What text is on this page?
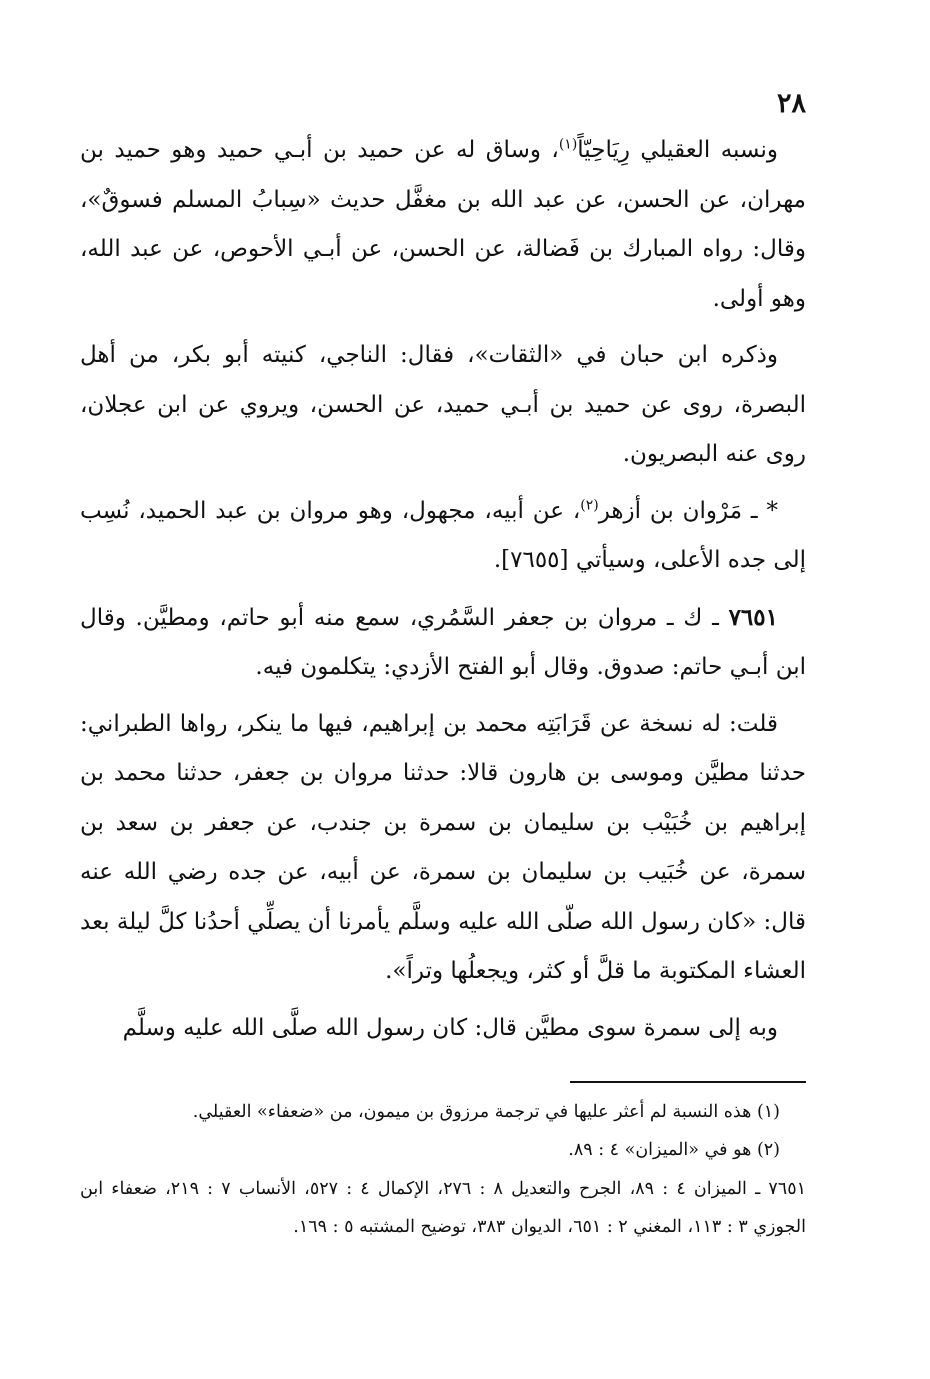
٢٨

ونسبه العقيلي رِيَاحِيّاً$^{(١)}$، وساق له عن حميد بن أبـي حميد وهو حميد بن مهران، عن الحسن، عن عبد الله بن مغفَّل حديث «سِبابُ المسلم فسوقٌ»، وقال: رواه المبارك بن فَضالة، عن الحسن، عن أبـي الأحوص، عن عبد الله، وهو أولى.

وذكره ابن حبان في «الثقات»، فقال: الناجي، كنيته أبو بكر، من أهل البصرة، روى عن حميد بن أبـي حميد، عن الحسن، ويروي عن ابن عجلان، روى عنه البصريون.

* ـ مَرْوان بن أزهر$^{(٢)}$، عن أبيه، مجهول، وهو مروان بن عبد الحميد، نُسِب إلى جده الأعلى، وسيأتي [٧٦٥٥].

٧٦٥١ ـ ك ـ مروان بن جعفر السَّمُري، سمع منه أبو حاتم، ومطيَّن. وقال ابن أبـي حاتم: صدوق. وقال أبو الفتح الأزدي: يتكلمون فيه.

قلت: له نسخة عن قَرَابَتِه محمد بن إبراهيم، فيها ما ينكر، رواها الطبراني: حدثنا مطيَّن وموسى بن هارون قالا: حدثنا مروان بن جعفر، حدثنا محمد بن إبراهيم بن خُبَيْب بن سليمان بن سمرة بن جندب، عن جعفر بن سعد بن سمرة، عن خُبَيب بن سليمان بن سمرة، عن أبيه، عن جده رضي الله عنه قال: «كان رسول الله صلّى الله عليه وسلَّم يأمرنا أن يصلِّي أحدُنا كلَّ ليلة بعد العشاء المكتوبة ما قلَّ أو كثر، ويجعلُها وتراً».

وبه إلى سمرة سوى مطيَّن قال: كان رسول الله صلَّى الله عليه وسلَّم

(١) هذه النسبة لم أعثر عليها في ترجمة مرزوق بن ميمون، من «ضعفاء» العقيلي.

(٢) هو في «الميزان» ٤ : ٨٩.

٧٦٥١ ـ الميزان ٤ : ٨٩، الجرح والتعديل ٨ : ٢٧٦، الإكمال ٤ : ٥٢٧، الأنساب ٧ : ٢١٩، ضعفاء ابن الجوزي ٣ : ١١٣، المغني ٢ : ٦٥١، الديوان ٣٨٣، توضيح المشتبه ٥ : ١٦٩.
